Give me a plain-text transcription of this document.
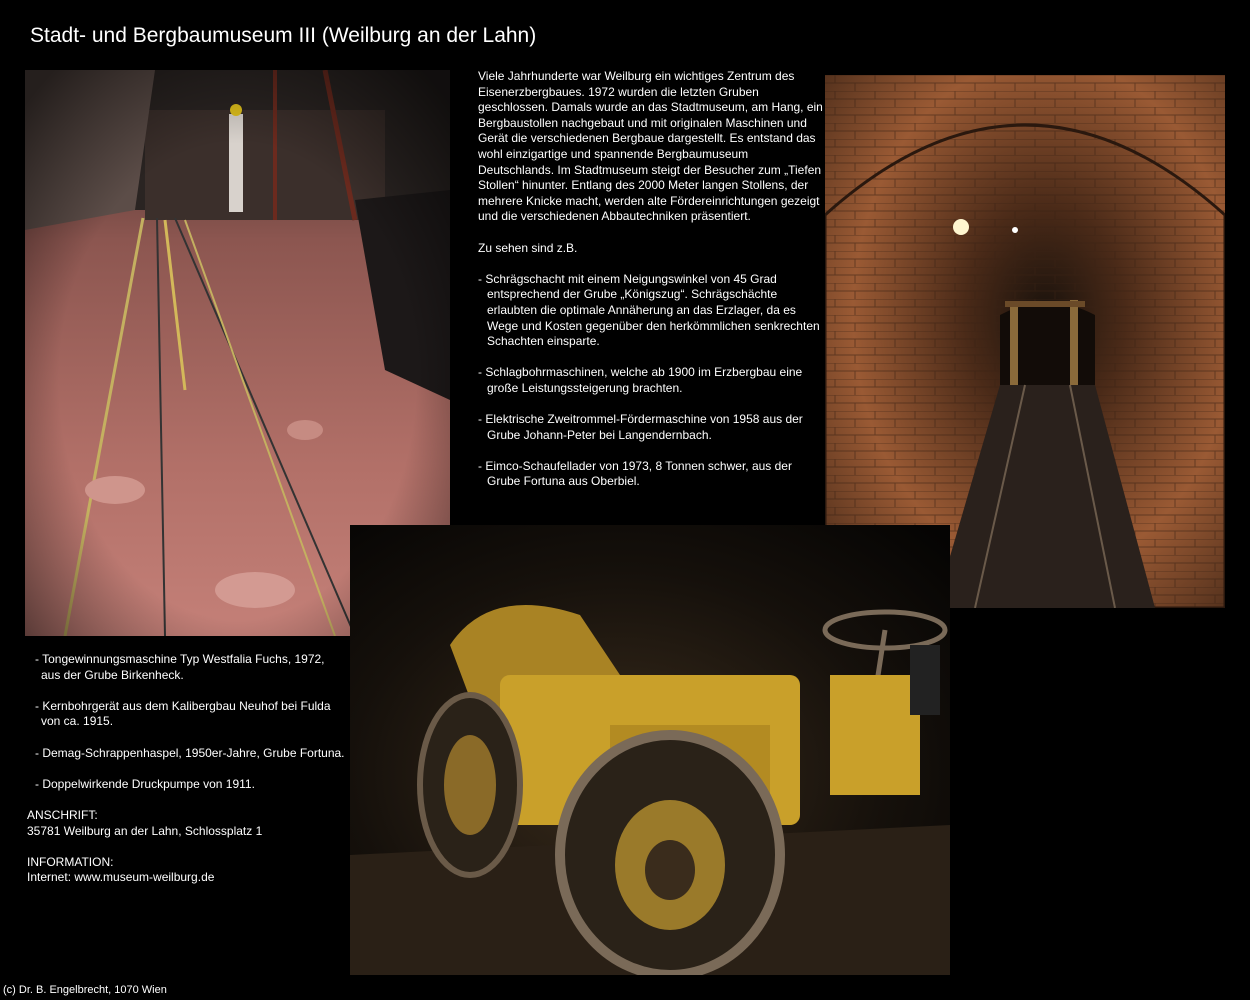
Stadt- und Bergbaumuseum III (Weilburg an der Lahn)

Viele Jahrhunderte war Weilburg ein wichtiges Zentrum des Eisenerzbergbaues. 1972 wurden die letzten Gruben geschlossen. Damals wurde an das Stadtmuseum, am Hang, ein Bergbaustollen nachgebaut und mit originalen Maschinen und Gerät die verschiedenen Bergbaue dargestellt. Es entstand das wohl einzigartige und spannende Bergbaumuseum Deutschlands. Im Stadtmuseum steigt der Besucher zum „Tiefen Stollen“ hinunter. Entlang des 2000 Meter langen Stollens, der mehrere Knicke macht, werden alte Fördereinrichtungen gezeigt und die verschiedenen Abbautechniken präsentiert.

Zu sehen sind z.B.

- Schrägschacht mit einem Neigungswinkel von 45 Grad entsprechend der Grube „Königszug“. Schrägschächte erlaubten die optimale Annäherung an das Erzlager, da es Wege und Kosten gegenüber den herkömmlichen senkrechten Schachten einsparte.
- Schlagbohrmaschinen, welche ab 1900 im Erzbergbau eine große Leistungssteigerung brachten.
- Elektrische Zweitrommel-Fördermaschine von 1958 aus der Grube Johann-Peter bei Langendernbach.
- Eimco-Schaufellader von 1973, 8 Tonnen schwer, aus der Grube Fortuna aus Oberbiel.
- Tongewinnungsmaschine Typ Westfalia Fuchs, 1972, aus der Grube Birkenheck.
- Kernbohrgerät aus dem Kalibergbau Neuhof bei Fulda von ca. 1915.
- Demag-Schrappenhaspel, 1950er-Jahre, Grube Fortuna.
- Doppelwirkende Druckpumpe von 1911.
ANSCHRIFT:
35781 Weilburg an der Lahn, Schlossplatz 1
INFORMATION:
Internet: www.museum-weilburg.de
(c) Dr. B. Engelbrecht, 1070 Wien
